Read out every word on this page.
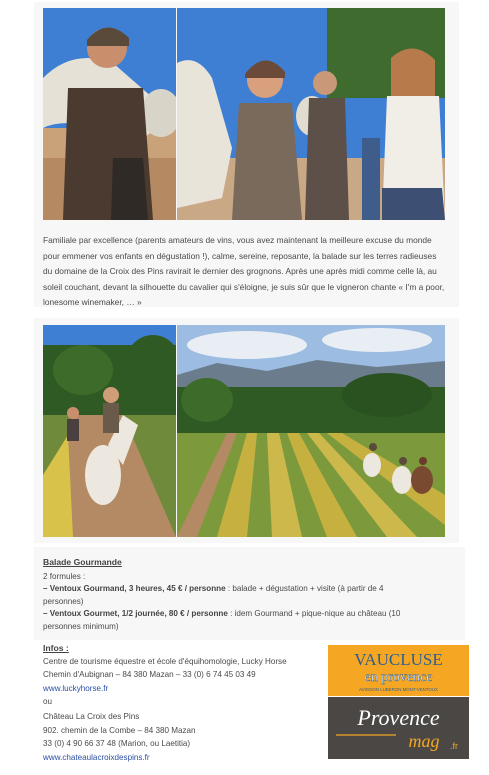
Familiale par excellence (parents amateurs de vins, vous avez maintenant la meilleure excuse du monde pour emmener vos enfants en dégustation !), calme, sereine, reposante, la balade sur les terres radieuses du domaine de la Croix des Pins ravirait le dernier des grognons. Après une après midi comme celle là, au soleil couchant, devant la silhouette du cavalier qui s'éloigne, je suis sûr que le vigneron chante « I'm a poor, lonesome winemaker, … »

Balade Gourmande
2 formules :
– Ventoux Gourmand, 3 heures, 45 € / personne : balade + dégustation + visite (à partir de 4
personnes)
– Ventoux Gourmet, 1/2 journée, 80 € / personne : idem Gourmand + pique-nique au château (10
personnes minimum)
Infos :
Centre de tourisme équestre et école d'équihomologie, Lucky Horse
Chemin d'Aubignan – 84 380 Mazan – 33 (0) 6 74 45 03 49
www.luckyhorse.fr
ou
Château La Croix des Pins
902. chemin de la Combe – 84 380 Mazan
33 (0) 4 90 66 37 48 (Marion, ou Laetitia)
www.chateaulacroixdespins.fr
VAUCLUSE
en provence
AVIGNON LUBERON MONT-VENTOUX
Provence
mag .fr
